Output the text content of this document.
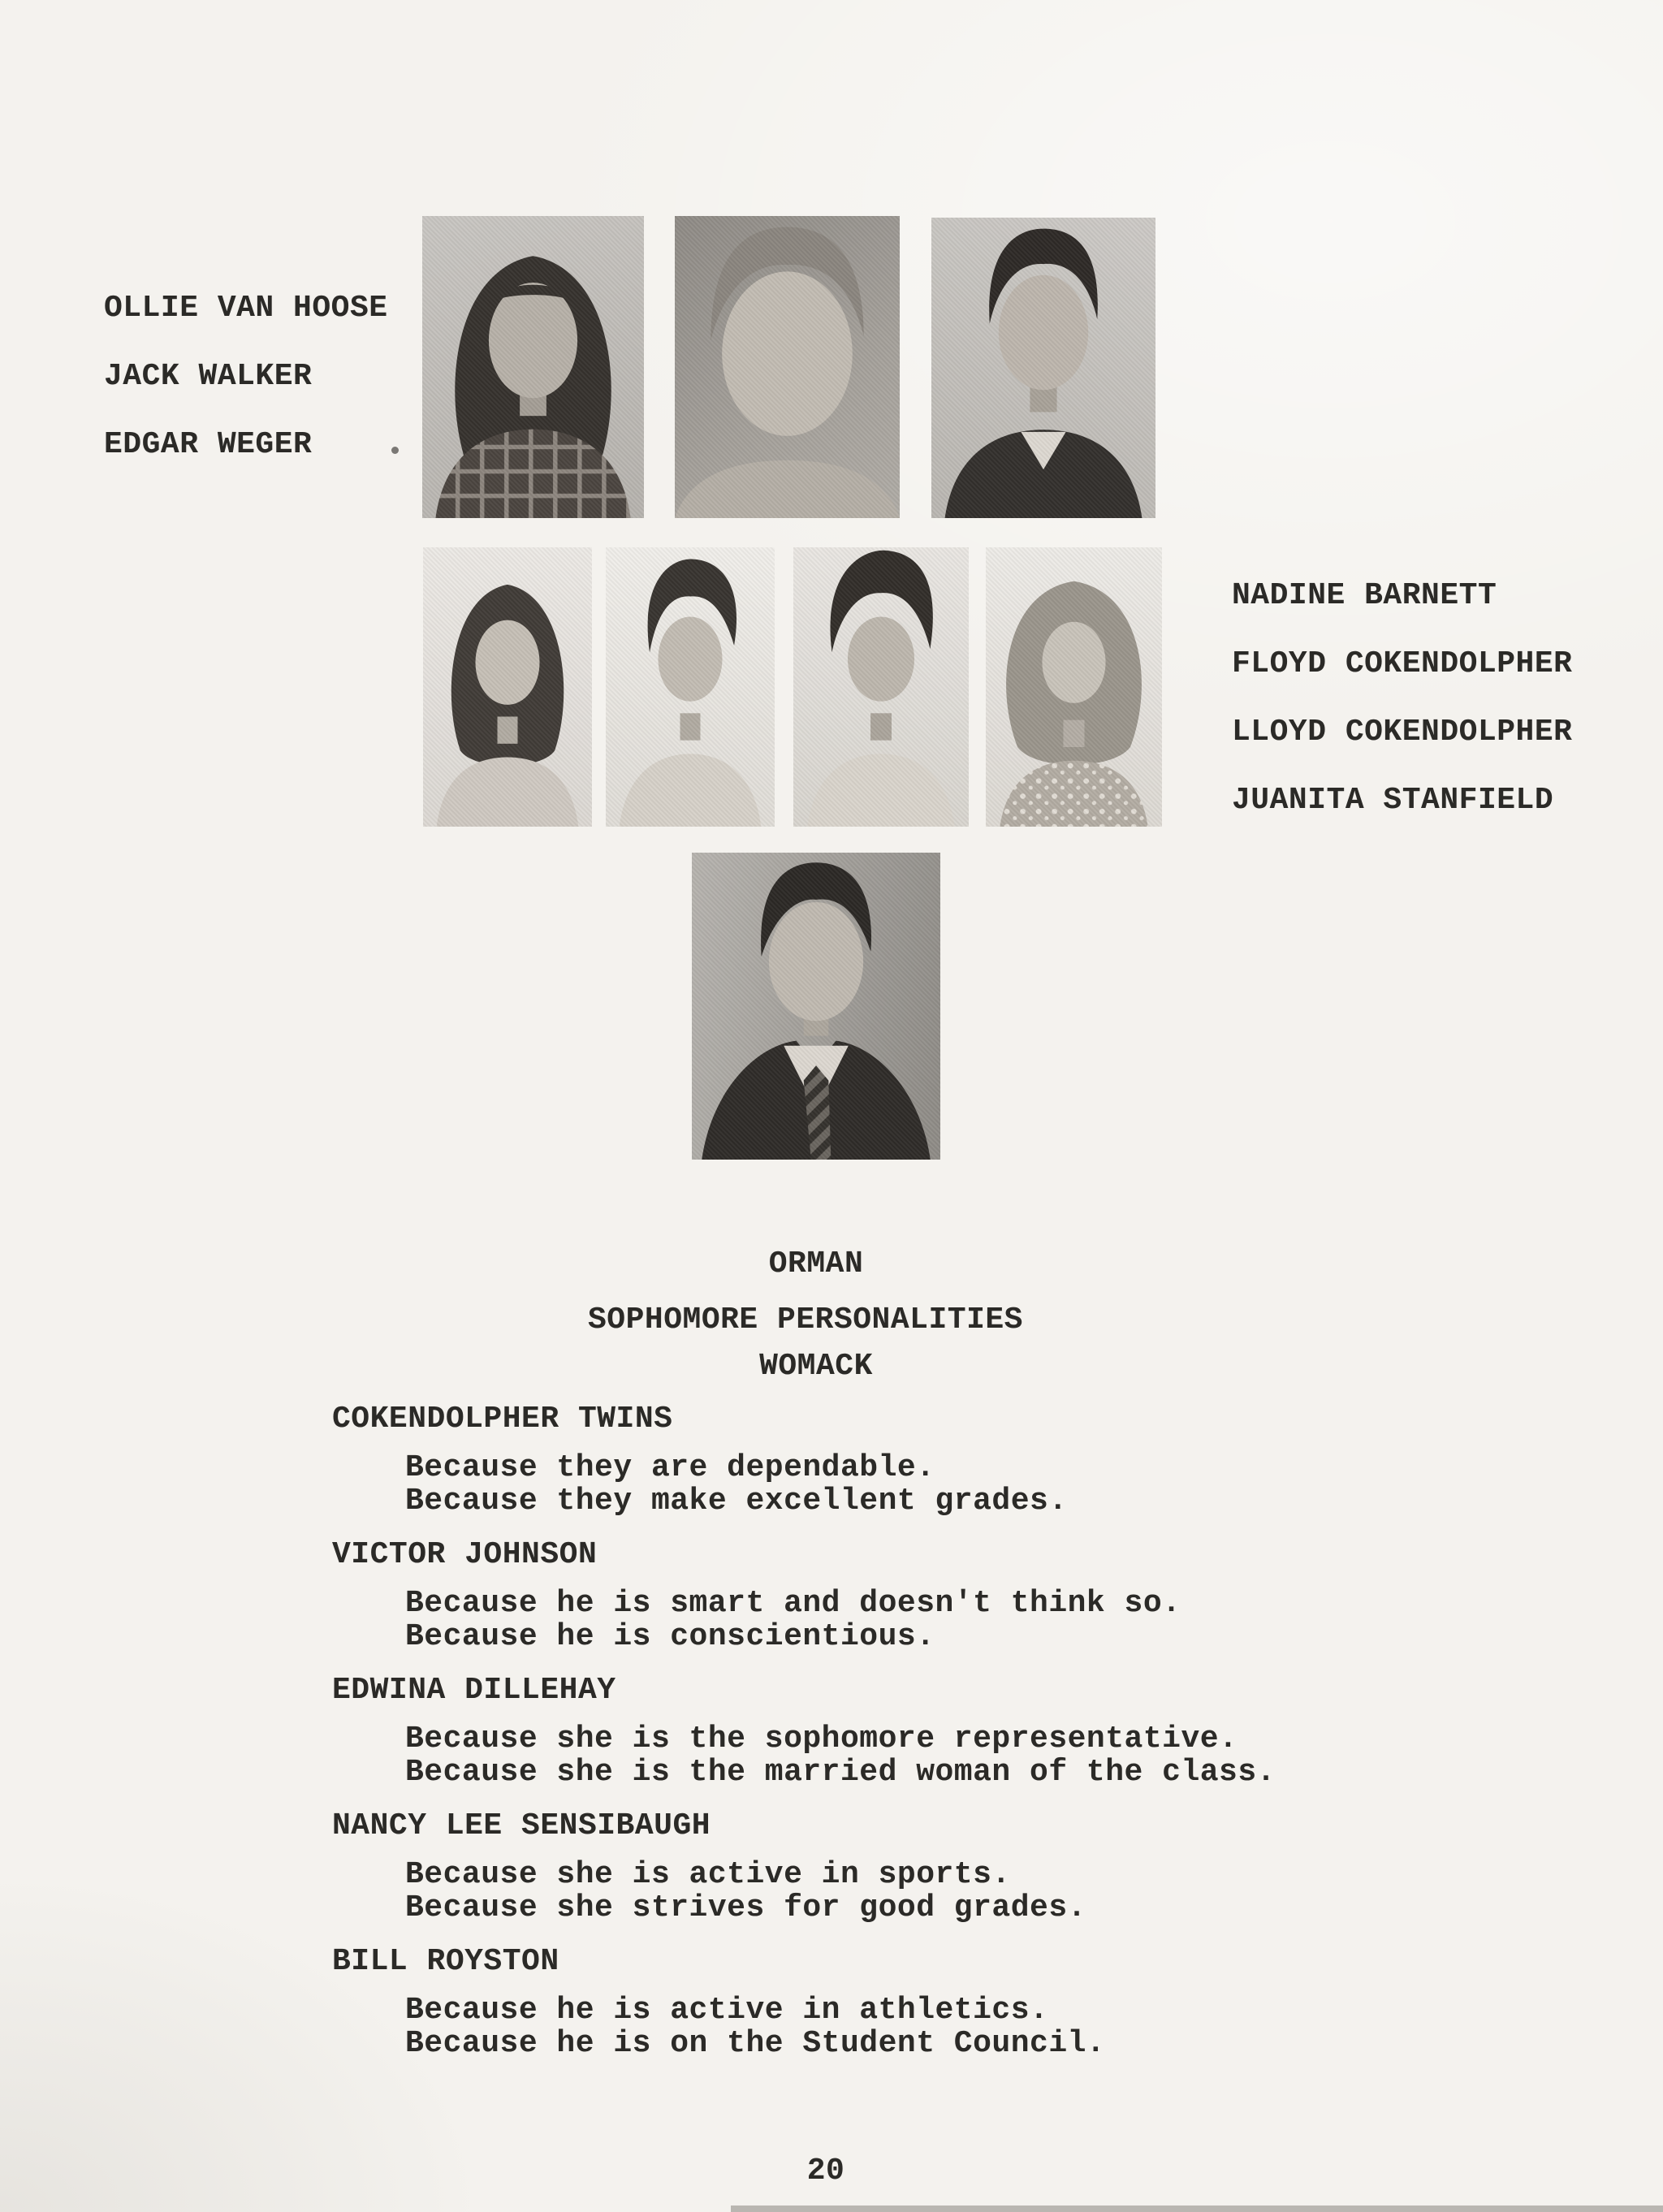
OLLIE VAN HOOSE
JACK WALKER
EDGAR WEGER
NADINE BARNETT
FLOYD COKENDOLPHER
LLOYD COKENDOLPHER
JUANITA STANFIELD

ORMAN

WOMACK

SOPHOMORE PERSONALITIES
COKENDOLPHER TWINS
Because they are dependable.
Because they make excellent grades.
VICTOR JOHNSON
Because he is smart and doesn't think so.
Because he is conscientious.
EDWINA DILLEHAY
Because she is the sophomore representative.
Because she is the married woman of the class.
NANCY LEE SENSIBAUGH
Because she is active in sports.
Because she strives for good grades.
BILL ROYSTON
Because he is active in athletics.
Because he is on the Student Council.
20
